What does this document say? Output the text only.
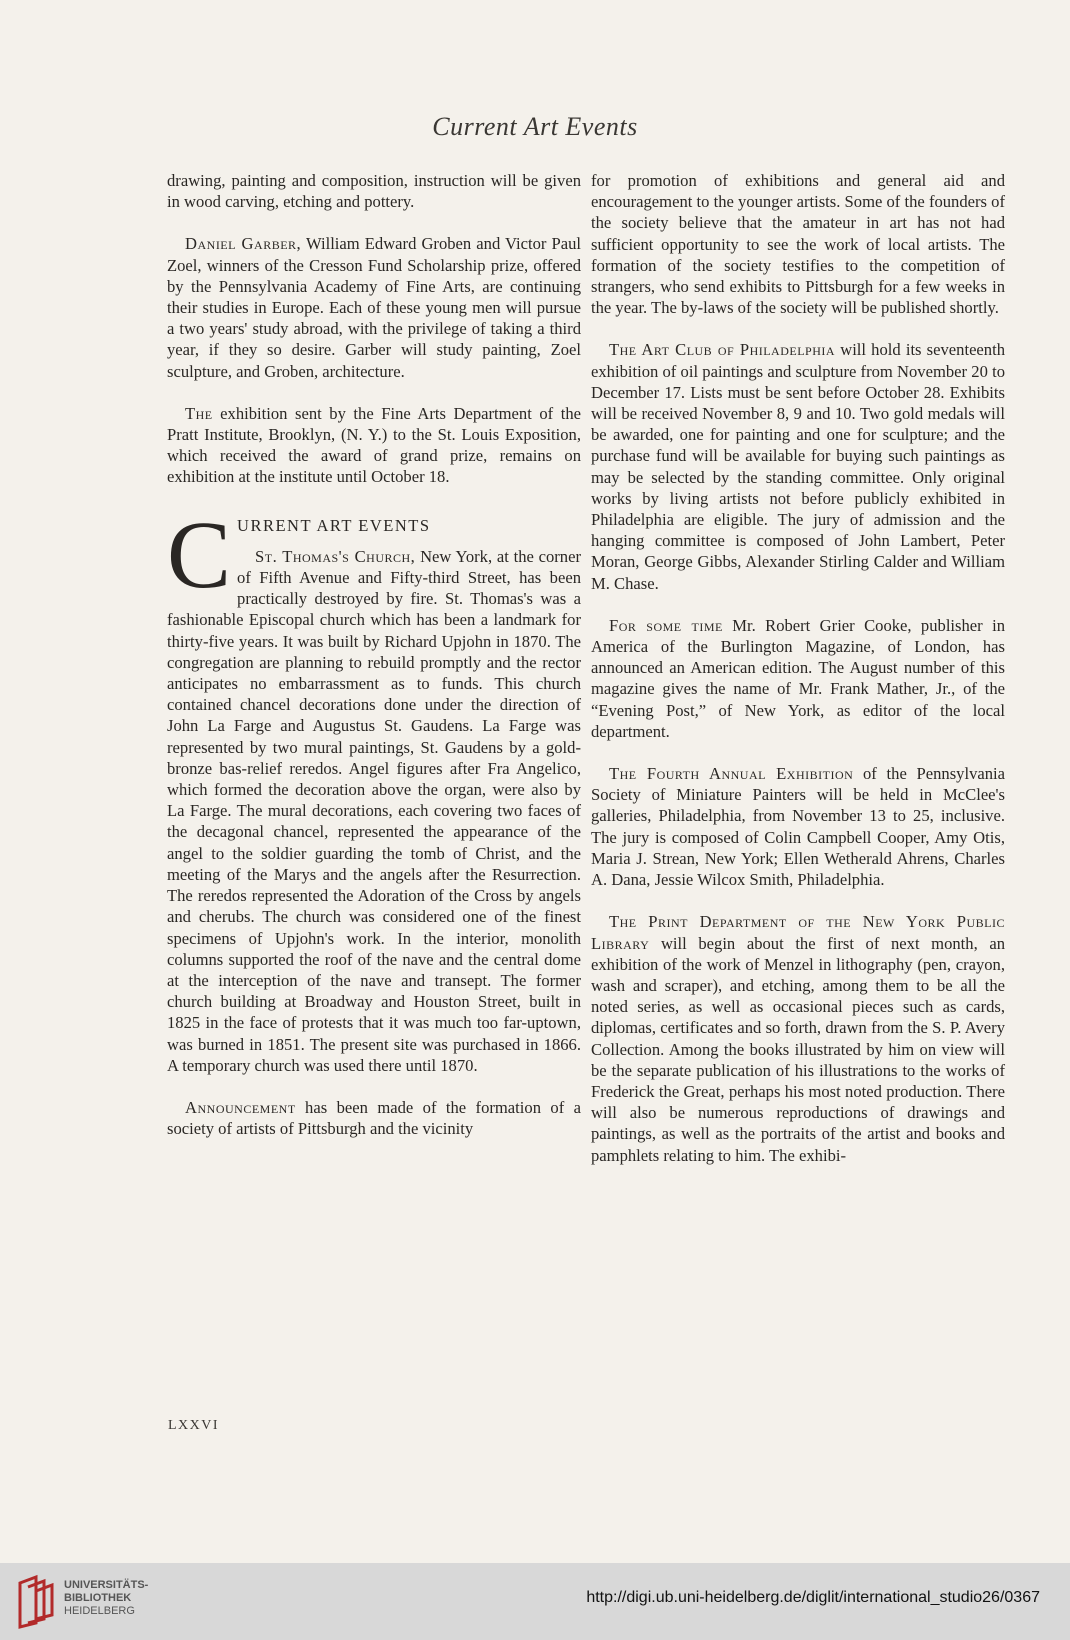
Current Art Events

drawing, painting and composition, instruction will be given in wood carving, etching and pottery.

Daniel Garber, William Edward Groben and Victor Paul Zoel, winners of the Cresson Fund Scholarship prize, offered by the Pennsylvania Academy of Fine Arts, are continuing their studies in Europe. Each of these young men will pursue a two years' study abroad, with the privilege of taking a third year, if they so desire. Garber will study painting, Zoel sculpture, and Groben, architecture.

The exhibition sent by the Fine Arts Department of the Pratt Institute, Brooklyn, (N. Y.) to the St. Louis Exposition, which received the award of grand prize, remains on exhibition at the institute until October 18.

C URRENT ART EVENTS

St. Thomas's Church, New York, at the corner of Fifth Avenue and Fifty-third Street, has been practically destroyed by fire. St. Thomas's was a fashionable Episcopal church which has been a landmark for thirty-five years. It was built by Richard Upjohn in 1870. The congregation are planning to rebuild promptly and the rector anticipates no embarrassment as to funds. This church contained chancel decorations done under the direction of John La Farge and Augustus St. Gaudens. La Farge was represented by two mural paintings, St. Gaudens by a gold-bronze bas-relief reredos. Angel figures after Fra Angelico, which formed the decoration above the organ, were also by La Farge. The mural decorations, each covering two faces of the decagonal chancel, represented the appearance of the angel to the soldier guarding the tomb of Christ, and the meeting of the Marys and the angels after the Resurrection. The reredos represented the Adoration of the Cross by angels and cherubs. The church was considered one of the finest specimens of Upjohn's work. In the interior, monolith columns supported the roof of the nave and the central dome at the interception of the nave and transept. The former church building at Broadway and Houston Street, built in 1825 in the face of protests that it was much too far-uptown, was burned in 1851. The present site was purchased in 1866. A temporary church was used there until 1870.

Announcement has been made of the formation of a society of artists of Pittsburgh and the vicinity

for promotion of exhibitions and general aid and encouragement to the younger artists. Some of the founders of the society believe that the amateur in art has not had sufficient opportunity to see the work of local artists. The formation of the society testifies to the competition of strangers, who send exhibits to Pittsburgh for a few weeks in the year. The by-laws of the society will be published shortly.

The Art Club of Philadelphia will hold its seventeenth exhibition of oil paintings and sculpture from November 20 to December 17. Lists must be sent before October 28. Exhibits will be received November 8, 9 and 10. Two gold medals will be awarded, one for painting and one for sculpture; and the purchase fund will be available for buying such paintings as may be selected by the standing committee. Only original works by living artists not before publicly exhibited in Philadelphia are eligible. The jury of admission and the hanging committee is composed of John Lambert, Peter Moran, George Gibbs, Alexander Stirling Calder and William M. Chase.

For some time Mr. Robert Grier Cooke, publisher in America of the Burlington Magazine, of London, has announced an American edition. The August number of this magazine gives the name of Mr. Frank Mather, Jr., of the “Evening Post,” of New York, as editor of the local department.

The Fourth Annual Exhibition of the Pennsylvania Society of Miniature Painters will be held in McClee's galleries, Philadelphia, from November 13 to 25, inclusive. The jury is composed of Colin Campbell Cooper, Amy Otis, Maria J. Strean, New York; Ellen Wetherald Ahrens, Charles A. Dana, Jessie Wilcox Smith, Philadelphia.

The Print Department of the New York Public Library will begin about the first of next month, an exhibition of the work of Menzel in lithography (pen, crayon, wash and scraper), and etching, among them to be all the noted series, as well as occasional pieces such as cards, diplomas, certificates and so forth, drawn from the S. P. Avery Collection. Among the books illustrated by him on view will be the separate publication of his illustrations to the works of Frederick the Great, perhaps his most noted production. There will also be numerous reproductions of drawings and paintings, as well as the portraits of the artist and books and pamphlets relating to him. The exhibi-

LXXVI
UNIVERSITÄTS-
BIBLIOTHEK
HEIDELBERG
http://digi.ub.uni-heidelberg.de/diglit/international_studio26/0367
